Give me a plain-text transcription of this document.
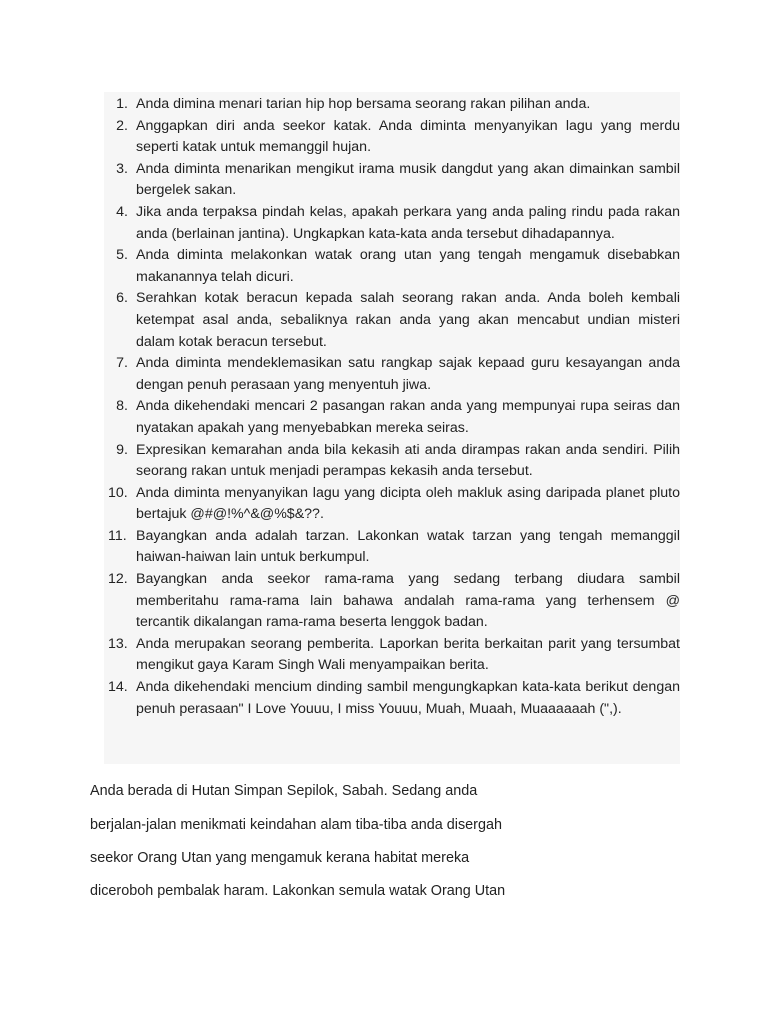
1. Anda dimina menari tarian hip hop bersama seorang rakan pilihan anda.
2. Anggapkan diri anda seekor katak. Anda diminta menyanyikan lagu yang merdu seperti katak untuk memanggil hujan.
3. Anda diminta menarikan mengikut irama musik dangdut yang akan dimainkan sambil bergelek sakan.
4. Jika anda terpaksa pindah kelas, apakah perkara yang anda paling rindu pada rakan anda (berlainan jantina). Ungkapkan kata-kata anda tersebut dihadapannya.
5. Anda diminta melakonkan watak orang utan yang tengah mengamuk disebabkan makanannya telah dicuri.
6. Serahkan kotak beracun kepada salah seorang rakan anda. Anda boleh kembali ketempat asal anda, sebaliknya rakan anda yang akan mencabut undian misteri dalam kotak beracun tersebut.
7. Anda diminta mendeklemasikan satu rangkap sajak kepaad guru kesayangan anda dengan penuh perasaan yang menyentuh jiwa.
8. Anda dikehendaki mencari 2 pasangan rakan anda yang mempunyai rupa seiras dan nyatakan apakah yang menyebabkan mereka seiras.
9. Expresikan kemarahan anda bila kekasih ati anda dirampas rakan anda sendiri. Pilih seorang rakan untuk menjadi perampas kekasih anda tersebut.
10. Anda diminta menyanyikan lagu yang dicipta oleh makluk asing daripada planet pluto bertajuk @#@!%^&@%$&??.
11. Bayangkan anda adalah tarzan. Lakonkan watak tarzan yang tengah memanggil haiwan-haiwan lain untuk berkumpul.
12. Bayangkan anda seekor rama-rama yang sedang terbang diudara sambil memberitahu rama-rama lain bahawa andalah rama-rama yang terhensem @ tercantik dikalangan rama-rama beserta lenggok badan.
13. Anda merupakan seorang pemberita. Laporkan berita berkaitan parit yang tersumbat mengikut gaya Karam Singh Wali menyampaikan berita.
14. Anda dikehendaki mencium dinding sambil mengungkapkan kata-kata berikut dengan penuh perasaan" I Love Youuu, I miss Youuu, Muah, Muaah, Muaaaaaah (",).
Anda berada di Hutan Simpan Sepilok, Sabah. Sedang anda
berjalan-jalan menikmati keindahan alam tiba-tiba anda disergah
seekor Orang Utan yang mengamuk kerana habitat mereka
diceroboh pembalak haram. Lakonkan semula watak Orang Utan
